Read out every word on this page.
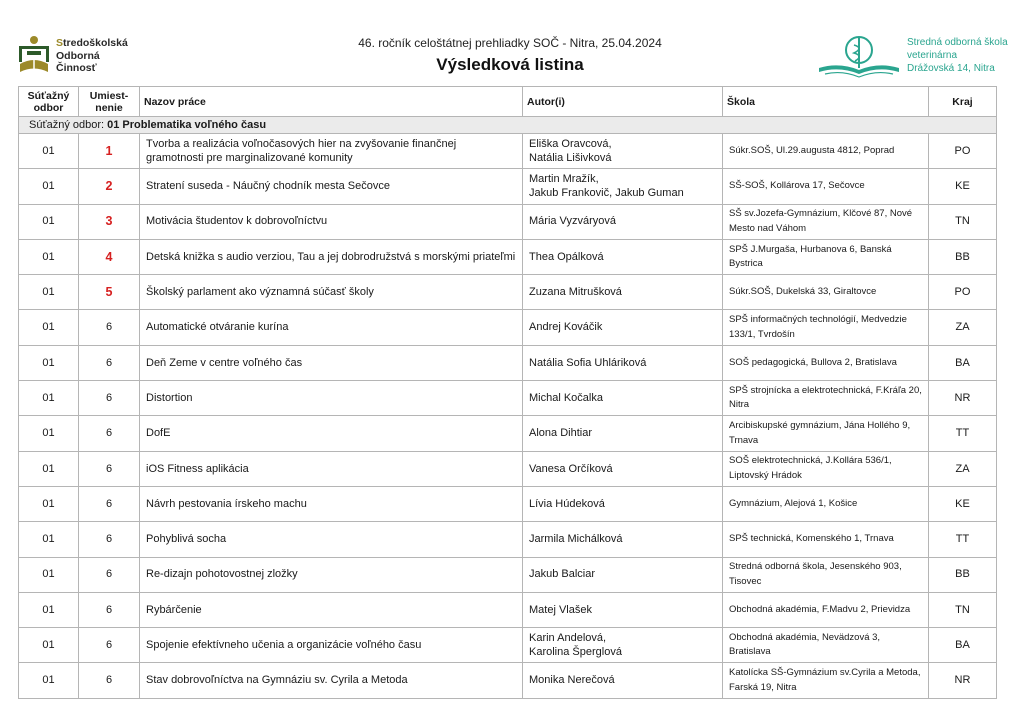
Stredoškolská
Odborná
Činnosť
46. ročník celoštátnej prehliadky SOČ - Nitra, 25.04.2024
Výsledková listina
Stredná odborná škola
veterinárna
Drážovská 14, Nitra
Súťažný odbor	Umiest-nenie	Nazov práce	Autor(i)	Škola	Kraj
Súťažný odbor: 01 Problematika voľného času					
01	1	Tvorba a realizácia voľnočasových hier na zvyšovanie finančnej gramotnosti pre marginalizované komunity	Eliška Oravcová,
Natália Lišivková	Súkr.SOŠ, Ul.29.augusta 4812, Poprad	PO
01	2	Stratení suseda - Náučný chodník mesta Sečovce	Martin Mražík,
Jakub Frankovič, Jakub Guman	SŠ-SOŠ, Kollárova 17, Sečovce	KE
01	3	Motivácia študentov k dobrovoľníctvu	Mária Vyzváryová	SŠ sv.Jozefa-Gymnázium, Klčové 87, Nové Mesto nad Váhom	TN
01	4	Detská knižka s audio verziou, Tau a jej dobrodružstvá s morskými priateľmi	Thea Opálková	SPŠ J.Murgaša, Hurbanova 6, Banská Bystrica	BB
01	5	Školský parlament ako významná súčasť školy	Zuzana Mitrušková	Súkr.SOŠ, Dukelská 33, Giraltovce	PO
01	6	Automatické otváranie kurína	Andrej Kováčik	SPŠ informačných technológií, Medvedzie 133/1, Tvrdošín	ZA
01	6	Deň Zeme v centre voľného čas	Natália Sofia Uhláriková	SOŠ pedagogická, Bullova 2, Bratislava	BA
01	6	Distortion	Michal Kočalka	SPŠ strojnícka a elektrotechnická, F.Kráľa 20, Nitra	NR
01	6	DofE	Alona Dihtiar	Arcibiskupské gymnázium, Jána Hollého 9, Trnava	TT
01	6	iOS Fitness aplikácia	Vanesa Orčíková	SOŠ elektrotechnická, J.Kollára 536/1, Liptovský Hrádok	ZA
01	6	Návrh pestovania írskeho machu	Lívia Húdeková	Gymnázium, Alejová 1, Košice	KE
01	6	Pohyblivá socha	Jarmila Michálková	SPŠ technická, Komenského 1, Trnava	TT
01	6	Re-dizajn pohotovostnej zložky	Jakub Balciar	Stredná odborná škola, Jesenského 903, Tisovec	BB
01	6	Rybárčenie	Matej Vlašek	Obchodná akadémia, F.Madvu 2, Prievidza	TN
01	6	Spojenie efektívneho učenia a organizácie voľného času	Karin Andelová,
Karolina Šperglová	Obchodná akadémia, Nevädzová 3, Bratislava	BA
01	6	Stav dobrovoľníctva na Gymnáziu sv. Cyrila a Metoda	Monika Nerečová	Katolícka SŠ-Gymnázium sv.Cyrila a Metoda, Farská 19, Nitra	NR
